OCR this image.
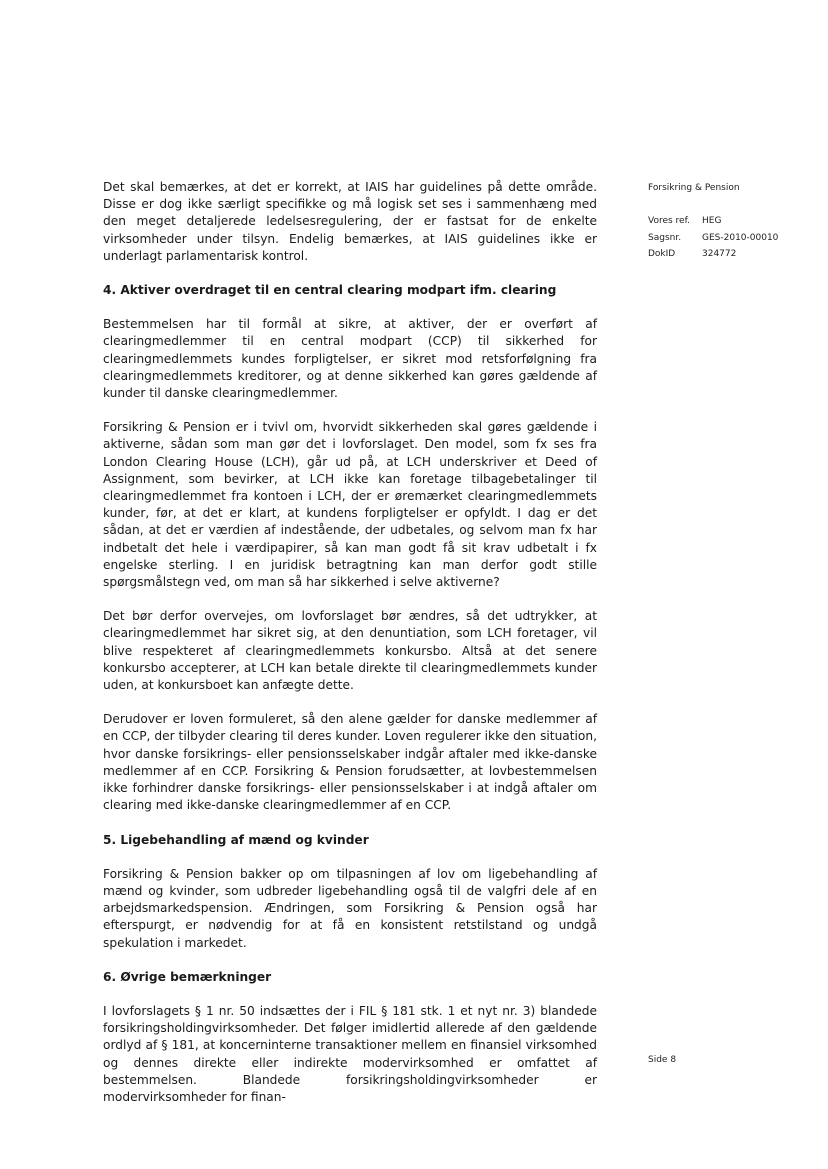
Det skal bemærkes, at det er korrekt, at IAIS har guidelines på dette område. Disse er dog ikke særligt specifikke og må logisk set ses i sammenhæng med den meget detaljerede ledelsesregulering, der er fastsat for de enkelte virksomheder under tilsyn. Endelig bemærkes, at IAIS guidelines ikke er underlagt parlamentarisk kontrol.

4. Aktiver overdraget til en central clearing modpart ifm. clearing

Bestemmelsen har til formål at sikre, at aktiver, der er overført af clearingmedlemmer til en central modpart (CCP) til sikkerhed for clearingmedlemmets kundes forpligtelser, er sikret mod retsforfølgning fra clearingmedlemmets kreditorer, og at denne sikkerhed kan gøres gældende af kunder til danske clearingmedlemmer.

Forsikring & Pension er i tvivl om, hvorvidt sikkerheden skal gøres gældende i aktiverne, sådan som man gør det i lovforslaget. Den model, som fx ses fra London Clearing House (LCH), går ud på, at LCH underskriver et Deed of Assignment, som bevirker, at LCH ikke kan foretage tilbagebetalinger til clearingmedlemmet fra kontoen i LCH, der er øremærket clearingmedlemmets kunder, før, at det er klart, at kundens forpligtelser er opfyldt. I dag er det sådan, at det er værdien af indestående, der udbetales, og selvom man fx har indbetalt det hele i værdipapirer, så kan man godt få sit krav udbetalt i fx engelske sterling. I en juridisk betragtning kan man derfor godt stille spørgsmålstegn ved, om man så har sikkerhed i selve aktiverne?

Det bør derfor overvejes, om lovforslaget bør ændres, så det udtrykker, at clearingmedlemmet har sikret sig, at den denuntiation, som LCH foretager, vil blive respekteret af clearingmedlemmets konkursbo. Altså at det senere konkursbo accepterer, at LCH kan betale direkte til clearingmedlemmets kunder uden, at konkursboet kan anfægte dette.

Derudover er loven formuleret, så den alene gælder for danske medlemmer af en CCP, der tilbyder clearing til deres kunder. Loven regulerer ikke den situation, hvor danske forsikrings- eller pensionsselskaber indgår aftaler med ikke-danske medlemmer af en CCP. Forsikring & Pension forudsætter, at lovbestemmelsen ikke forhindrer danske forsikrings- eller pensionsselskaber i at indgå aftaler om clearing med ikke-danske clearingmedlemmer af en CCP.

5. Ligebehandling af mænd og kvinder

Forsikring & Pension bakker op om tilpasningen af lov om ligebehandling af mænd og kvinder, som udbreder ligebehandling også til de valgfri dele af en arbejdsmarkedspension. Ændringen, som Forsikring & Pension også har efterspurgt, er nødvendig for at få en konsistent retstilstand og undgå spekulation i markedet.

6. Øvrige bemærkninger

I lovforslagets § 1 nr. 50 indsættes der i FIL § 181 stk. 1 et nyt nr. 3) blandede forsikringsholdingvirksomheder. Det følger imidlertid allerede af den gældende ordlyd af § 181, at koncerninterne transaktioner mellem en finansiel virksomhed og dennes direkte eller indirekte modervirksomhed er omfattet af bestemmelsen. Blandede forsikringsholdingvirksomheder er modervirksomheder for finan-

Forsikring & Pension
Vores ref.	HEG
Sagsnr.	GES-2010-00010
DokID	324772
Side 8
